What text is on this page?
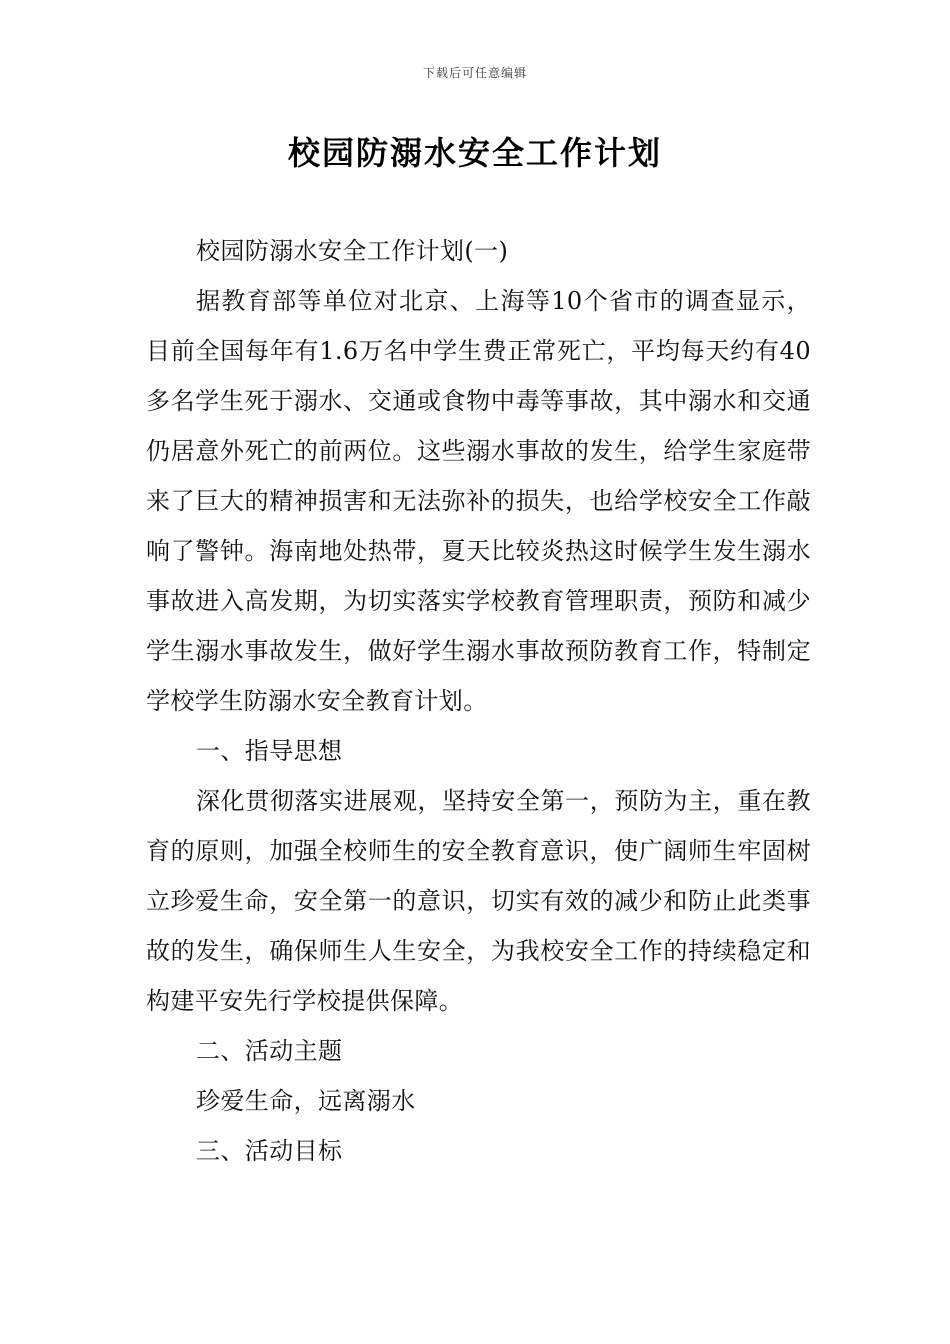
下载后可任意编辑
校园防溺水安全工作计划

校园防溺水安全工作计划(一)

据教育部等单位对北京、上海等10个省市的调查显示，目前全国每年有1.6万名中学生费正常死亡，平均每天约有40多名学生死于溺水、交通或食物中毒等事故，其中溺水和交通仍居意外死亡的前两位。这些溺水事故的发生，给学生家庭带来了巨大的精神损害和无法弥补的损失，也给学校安全工作敲响了警钟。海南地处热带，夏天比较炎热这时候学生发生溺水事故进入高发期，为切实落实学校教育管理职责，预防和减少学生溺水事故发生，做好学生溺水事故预防教育工作，特制定学校学生防溺水安全教育计划。

一、指导思想

深化贯彻落实进展观，坚持安全第一，预防为主，重在教育的原则，加强全校师生的安全教育意识，使广阔师生牢固树立珍爱生命，安全第一的意识，切实有效的减少和防止此类事故的发生，确保师生人生安全，为我校安全工作的持续稳定和构建平安先行学校提供保障。

二、活动主题

珍爱生命，远离溺水

三、活动目标
